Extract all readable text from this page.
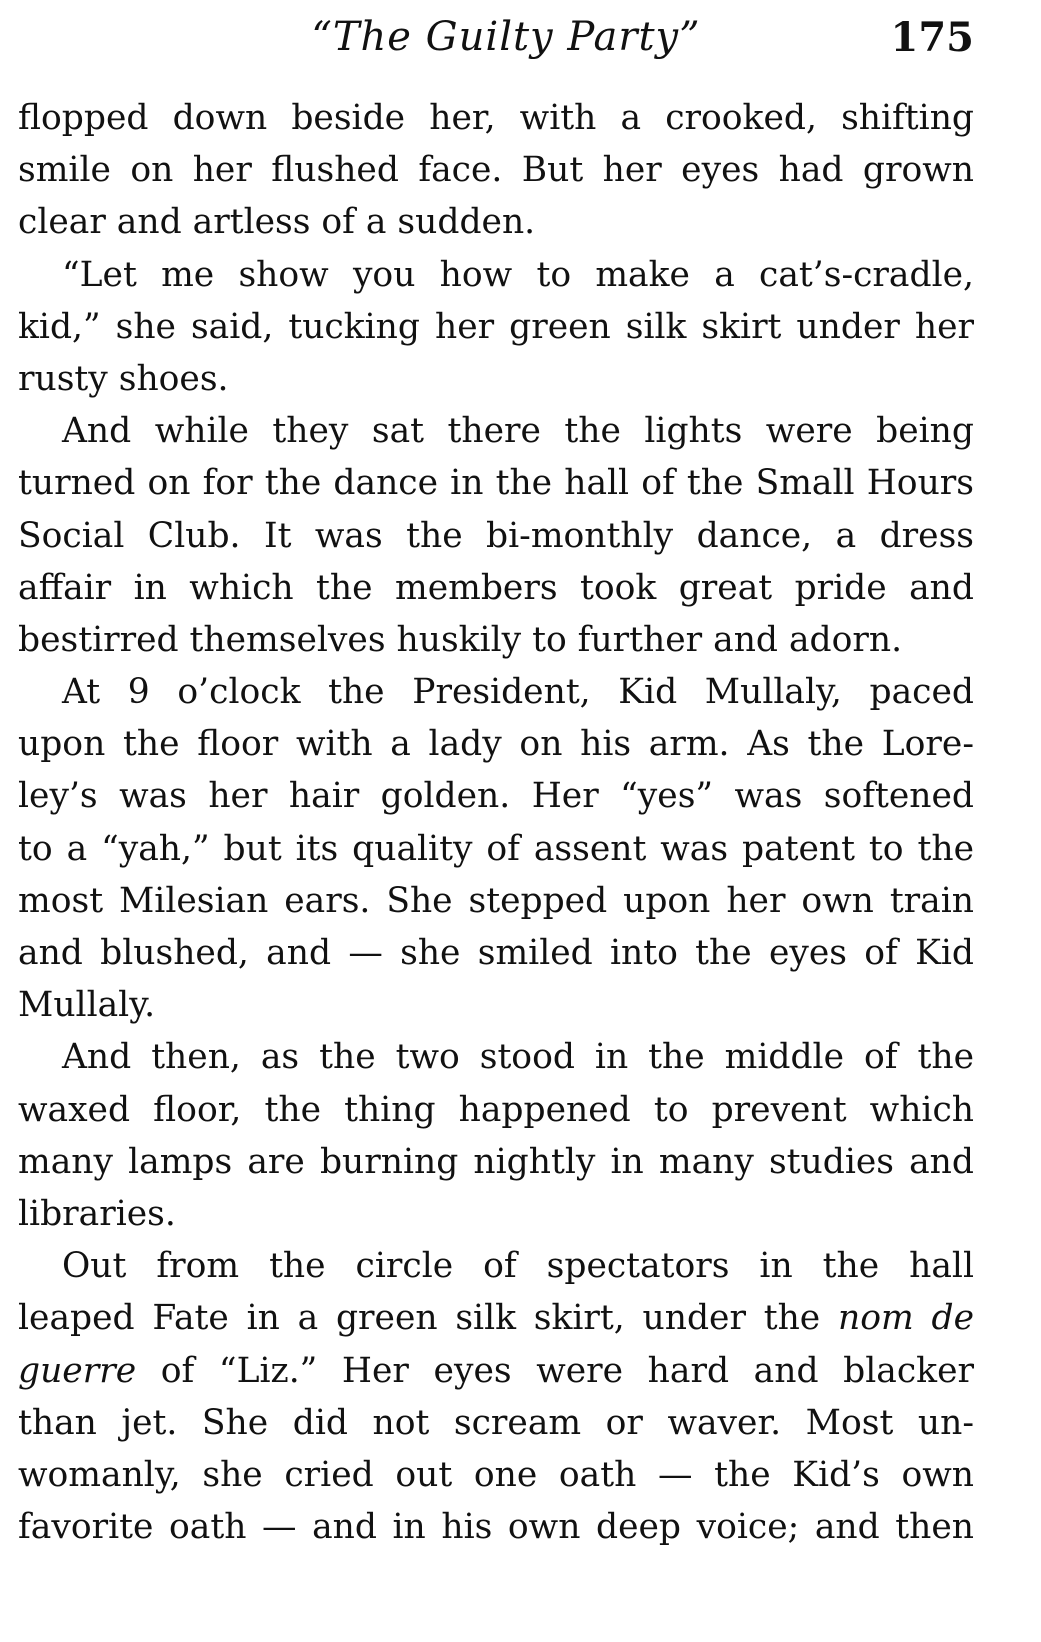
“The Guilty Party”	175
flopped down beside her, with a crooked, shifting
smile on her flushed face. But her eyes had grown
clear and artless of a sudden.
“Let me show you how to make a cat’s-cradle,
kid,” she said, tucking her green silk skirt under her
rusty shoes.
And while they sat there the lights were being
turned on for the dance in the hall of the Small Hours
Social Club. It was the bi-monthly dance, a dress
affair in which the members took great pride and
bestirred themselves huskily to further and adorn.
At 9 o’clock the President, Kid Mullaly, paced
upon the floor with a lady on his arm. As the Lore-
ley’s was her hair golden. Her “yes” was softened
to a “yah,” but its quality of assent was patent to the
most Milesian ears. She stepped upon her own train
and blushed, and — she smiled into the eyes of Kid
Mullaly.
And then, as the two stood in the middle of the
waxed floor, the thing happened to prevent which
many lamps are burning nightly in many studies and
libraries.
Out from the circle of spectators in the hall
leaped Fate in a green silk skirt, under the nom de
guerre of “Liz.” Her eyes were hard and blacker
than jet. She did not scream or waver. Most un-
womanly, she cried out one oath — the Kid’s own
favorite oath — and in his own deep voice; and then
